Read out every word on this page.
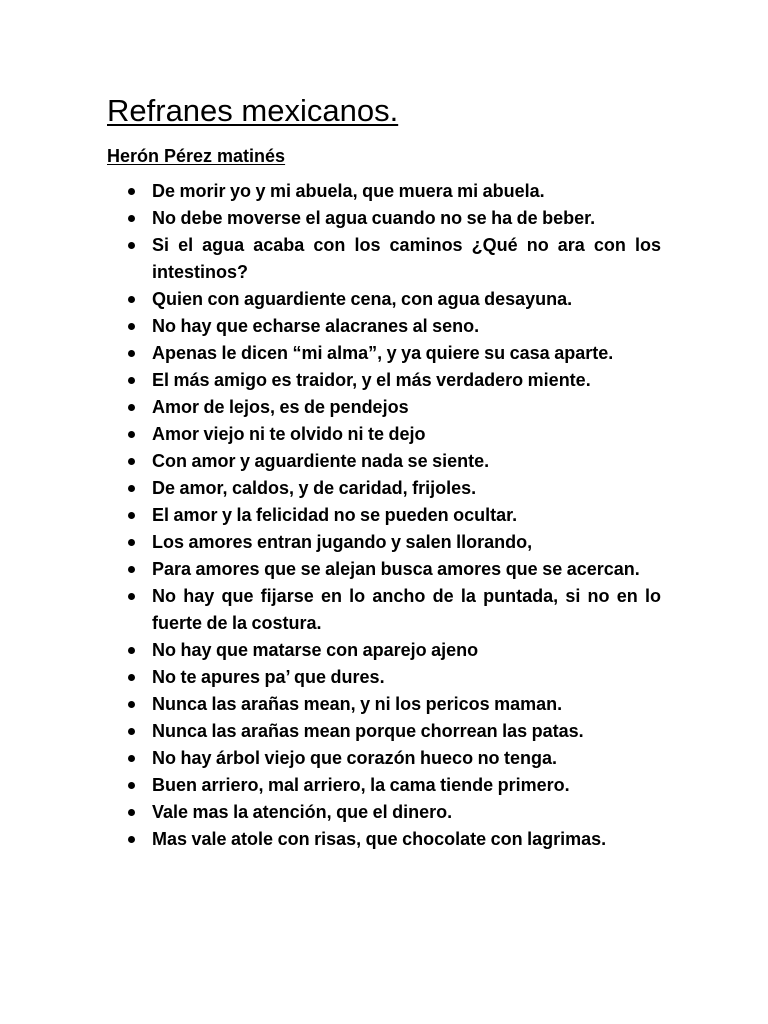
Refranes mexicanos.

Herón Pérez matinés

De morir yo y mi abuela, que muera mi abuela.
No debe moverse el agua cuando no se ha de beber.
Si el agua acaba con los caminos ¿Qué no ara con los intestinos?
Quien con aguardiente cena, con agua desayuna.
No hay que echarse alacranes al seno.
Apenas le dicen “mi alma”, y ya quiere su casa aparte.
El más amigo es traidor, y el más verdadero miente.
Amor de lejos, es de pendejos
Amor viejo ni te olvido ni te dejo
Con amor y aguardiente nada se siente.
De amor, caldos, y de caridad, frijoles.
El amor y la felicidad no se pueden ocultar.
Los amores entran jugando y salen llorando,
Para amores que se alejan busca amores que se acercan.
No hay que fijarse en lo ancho de la puntada, si no en lo fuerte de la costura.
No hay que matarse con aparejo ajeno
No te apures pa’ que dures.
Nunca las arañas mean, y ni los pericos maman.
Nunca las arañas mean porque chorrean las patas.
No hay árbol viejo que corazón hueco no tenga.
Buen arriero, mal arriero, la cama tiende primero.
Vale mas la atención, que el dinero.
Mas vale atole con risas, que chocolate con lagrimas.
